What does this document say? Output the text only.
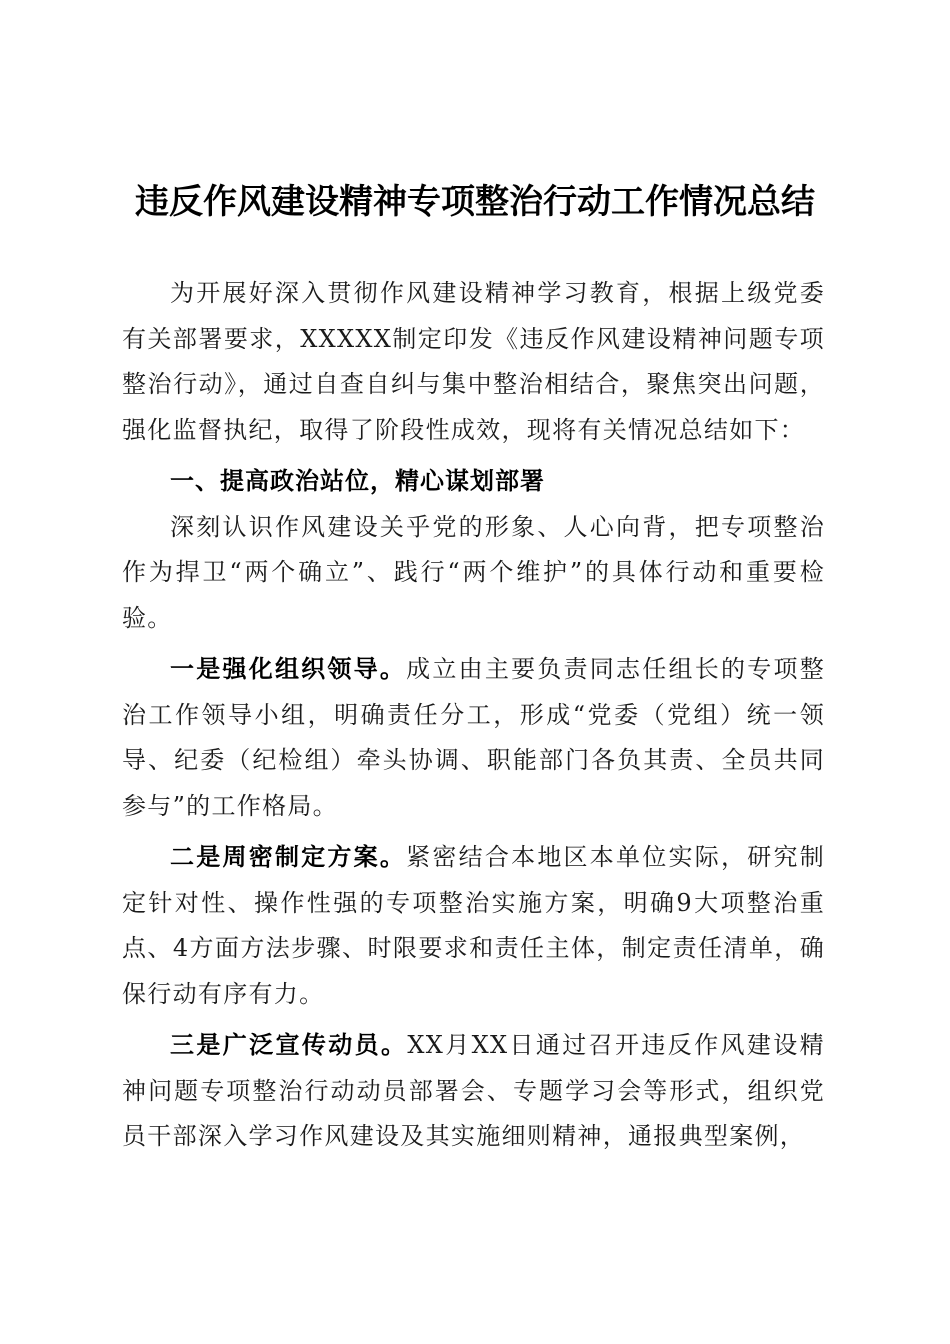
违反作风建设精神专项整治行动工作情况总结

为开展好深入贯彻作风建设精神学习教育，根据上级党委有关部署要求，XXXXX制定印发《违反作风建设精神问题专项整治行动》，通过自查自纠与集中整治相结合，聚焦突出问题，强化监督执纪，取得了阶段性成效，现将有关情况总结如下：

一、提高政治站位，精心谋划部署

深刻认识作风建设关乎党的形象、人心向背，把专项整治作为捍卫“两个确立”、践行“两个维护”的具体行动和重要检验。

一是强化组织领导。成立由主要负责同志任组长的专项整治工作领导小组，明确责任分工，形成“党委（党组）统一领导、纪委（纪检组）牵头协调、职能部门各负其责、全员共同参与”的工作格局。

二是周密制定方案。紧密结合本地区本单位实际，研究制定针对性、操作性强的专项整治实施方案，明确9大项整治重点、4方面方法步骤、时限要求和责任主体，制定责任清单，确保行动有序有力。

三是广泛宣传动员。XX月XX日通过召开违反作风建设精神问题专项整治行动动员部署会、专题学习会等形式，组织党员干部深入学习作风建设及其实施细则精神，通报典型案例，
